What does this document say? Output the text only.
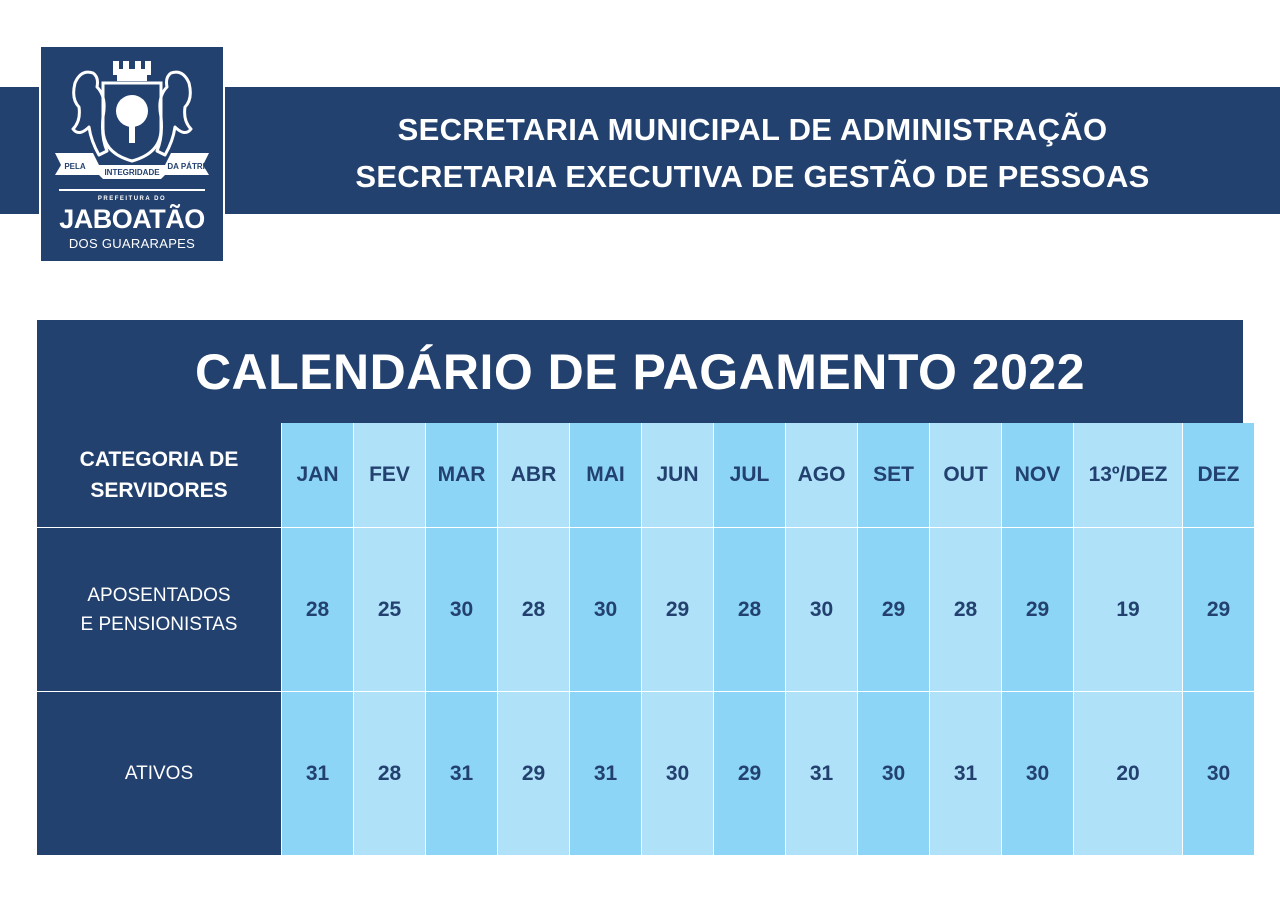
SECRETARIA MUNICIPAL DE ADMINISTRAÇÃO
SECRETARIA EXECUTIVA DE GESTÃO DE PESSOAS
PELA
INTEGRIDADE
DA PÁTRIA
PREFEITURA DO
JABOATÃO
DOS GUARARAPES
CALENDÁRIO DE PAGAMENTO 2022
CATEGORIA DE
SERVIDORES
JAN	FEV	MAR	ABR	MAI	JUN	JUL	AGO	SET	OUT	NOV	13º/DEZ	DEZ
APOSENTADOS
E PENSIONISTAS
28	25	30	28	30	29	28	30	29	28	29	19	29
ATIVOS	31	28	31	29	31	30	29	31	30	31	30	20	30
